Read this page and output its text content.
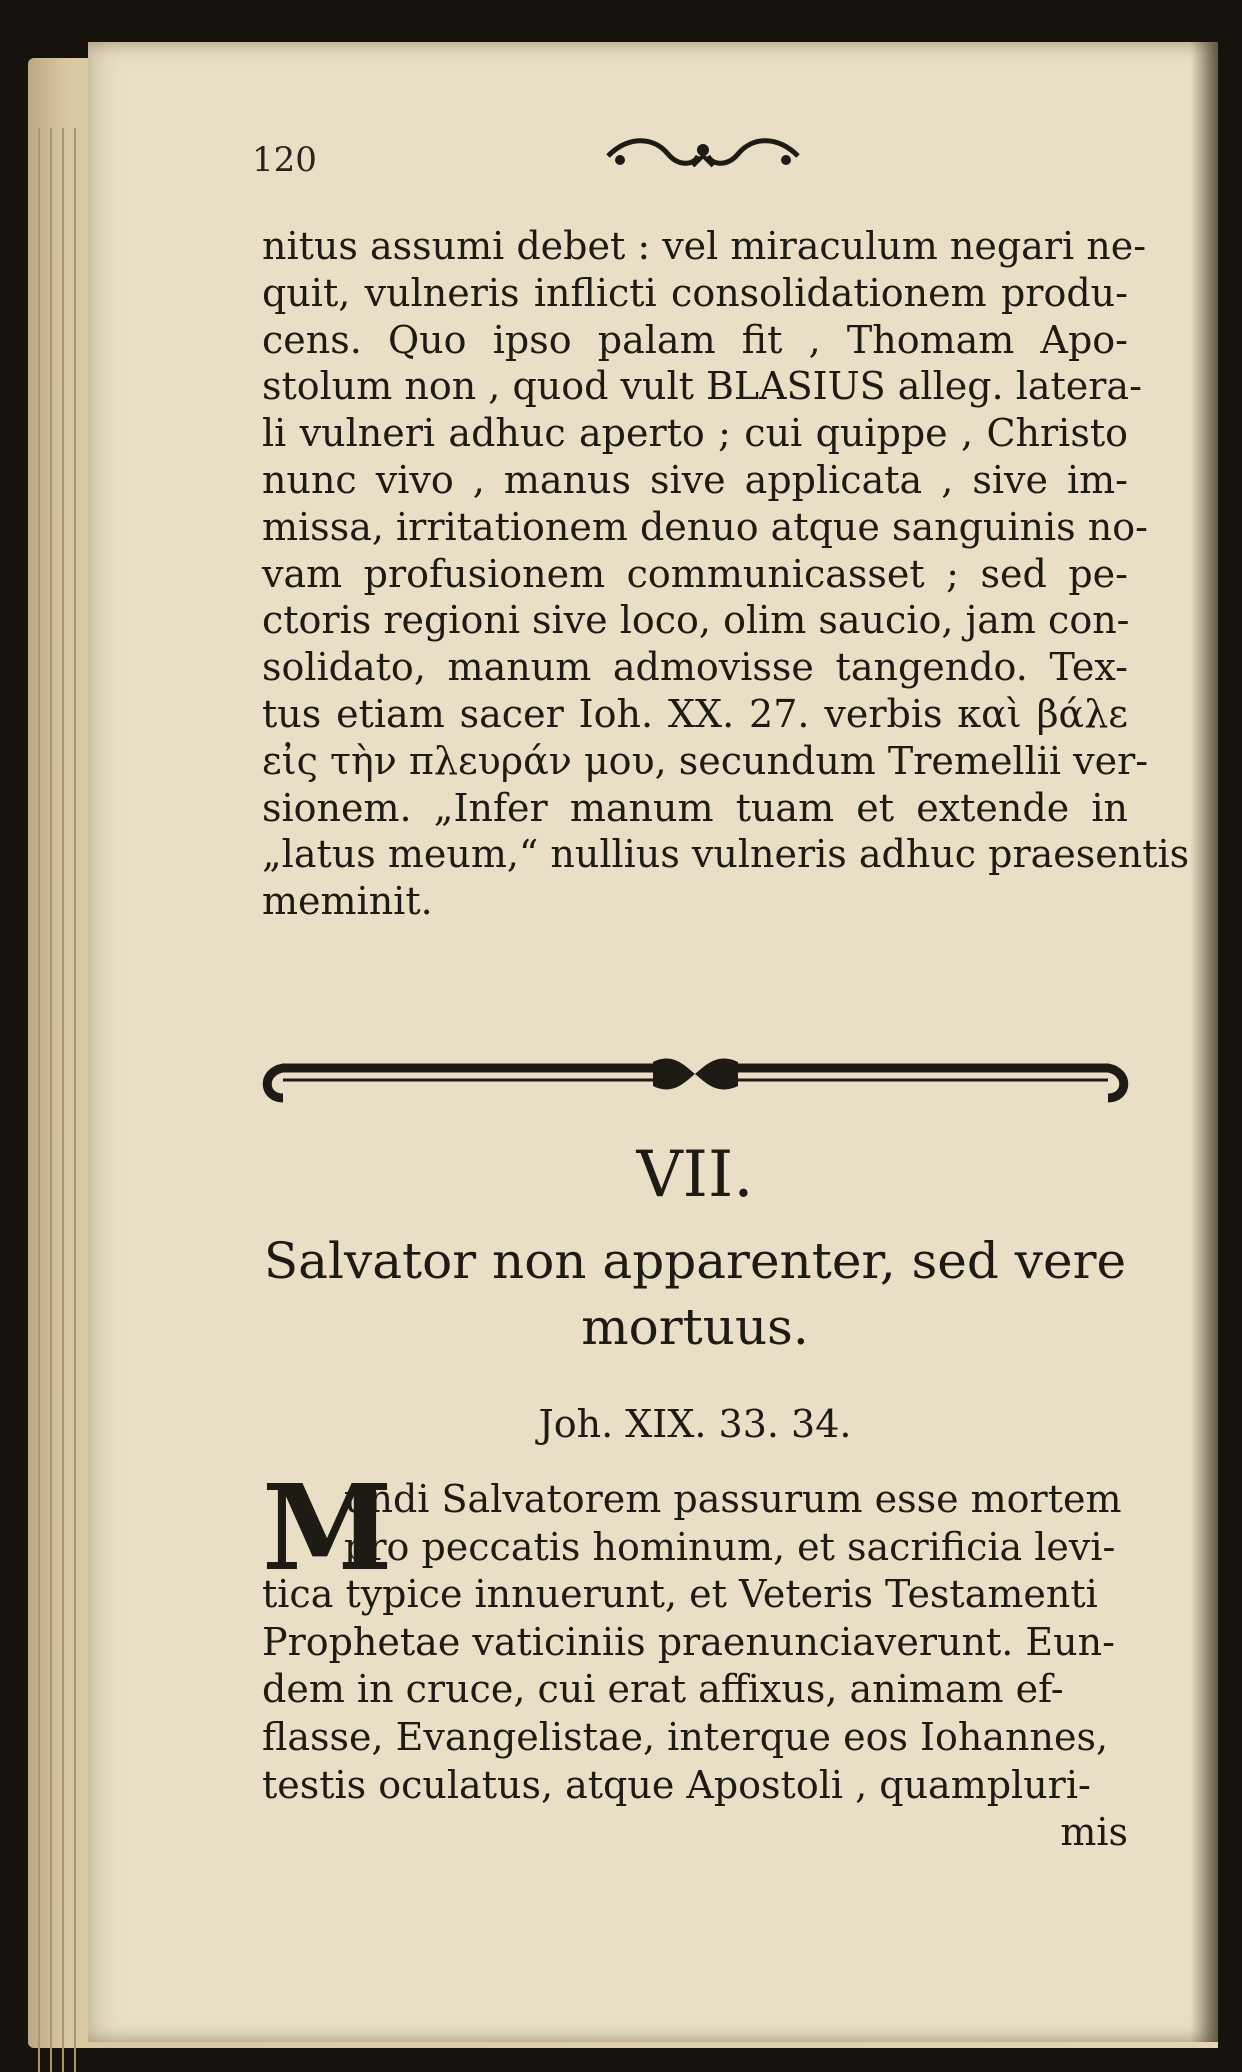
120
nitus assumi debet : vel miraculum negari ne-
quit, vulneris inflicti consolidationem produ-
cens. Quo ipso palam fit , Thomam Apo-
stolum non , quod vult BLASIUS alleg. latera-
li vulneri adhuc aperto ; cui quippe , Christo
nunc vivo , manus sive applicata , sive im-
missa, irritationem denuo atque sanguinis no-
vam profusionem communicasset ; sed pe-
ctoris regioni sive loco, olim saucio, jam con-
solidato, manum admovisse tangendo. Tex-
tus etiam sacer Ioh. XX. 27. verbis καὶ βάλε
εἰς τὴν πλευράν μου, secundum Tremellii ver-
sionem. „Infer manum tuam et extende in
„latus meum,“ nullius vulneris adhuc praesentis
meminit.
VII.
Salvator non apparenter, sed vere
mortuus.
Joh. XIX. 33. 34.
M
undi Salvatorem passurum esse mortem
pro peccatis hominum, et sacrificia levi-
tica typice innuerunt, et Veteris Testamenti
Prophetae vaticiniis praenunciaverunt. Eun-
dem in cruce, cui erat affixus, animam ef-
flasse, Evangelistae, interque eos Iohannes,
testis oculatus, atque Apostoli , quampluri-
mis
